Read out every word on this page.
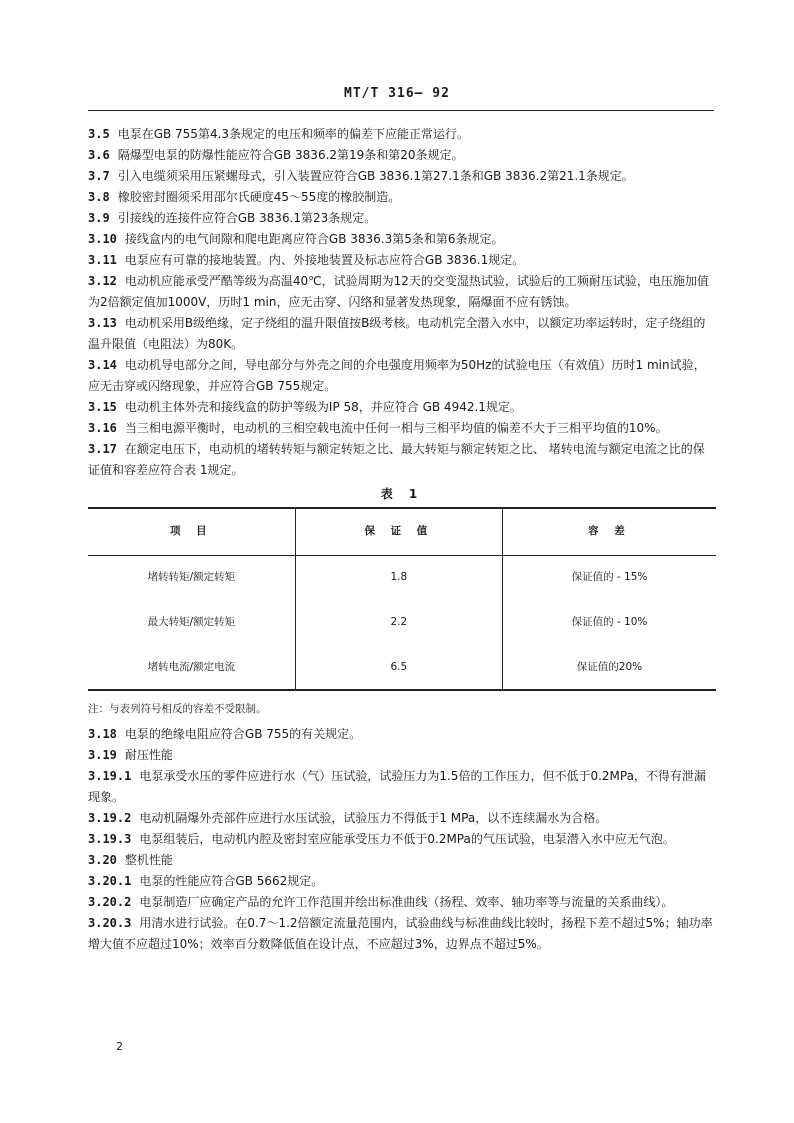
MT/T 316— 92

3.5 电泵在GB 755第4.3条规定的电压和频率的偏差下应能正常运行。

3.6 隔爆型电泵的防爆性能应符合GB 3836.2第19条和第20条规定。

3.7 引入电缆须采用压紧螺母式，引入装置应符合GB 3836.1第27.1条和GB 3836.2第21.1条规定。

3.8 橡胶密封圈须采用邵尔氏硬度45～55度的橡胶制造。

3.9 引接线的连接件应符合GB 3836.1第23条规定。

3.10 接线盒内的电气间隙和爬电距离应符合GB 3836.3第5条和第6条规定。

3.11 电泵应有可靠的接地装置。内、外接地装置及标志应符合GB 3836.1规定。

3.12 电动机应能承受严酷等级为高温40℃，试验周期为12天的交变湿热试验，试验后的工频耐压试验，电压施加值为2倍额定值加1000V，历时1 min，应无击穿、闪络和显著发热现象，隔爆面不应有锈蚀。

3.13 电动机采用B级绝缘，定子绕组的温升限值按B级考核。电动机完全潜入水中，以额定功率运转时，定子绕组的温升限值（电阻法）为80K。

3.14 电动机导电部分之间，导电部分与外壳之间的介电强度用频率为50Hz的试验电压（有效值）历时1 min试验，应无击穿或闪络现象，并应符合GB 755规定。

3.15 电动机主体外壳和接线盒的防护等级为IP 58，并应符合 GB 4942.1规定。

3.16 当三相电源平衡时，电动机的三相空载电流中任何一相与三相平均值的偏差不大于三相平均值的10%。

3.17 在额定电压下，电动机的堵转转矩与额定转矩之比、最大转矩与额定转矩之比、 堵转电流与额定电流之比的保证值和容差应符合表 1规定。

表 1
项 目	保 证 值	容 差
堵转转矩/额定转矩	1.8	保证值的 - 15%
最大转矩/额定转矩	2.2	保证值的 - 10%
堵转电流/额定电流	6.5	保证值的20%

注：与表列符号相反的容差不受限制。

3.18 电泵的绝缘电阻应符合GB 755的有关规定。

3.19 耐压性能

3.19.1 电泵承受水压的零件应进行水（气）压试验，试验压力为1.5倍的工作压力，但不低于0.2MPa，不得有泄漏现象。

3.19.2 电动机隔爆外壳部件应进行水压试验，试验压力不得低于1 MPa，以不连续漏水为合格。

3.19.3 电泵组装后，电动机内腔及密封室应能承受压力不低于0.2MPa的气压试验，电泵潜入水中应无气泡。

3.20 整机性能

3.20.1 电泵的性能应符合GB 5662规定。

3.20.2 电泵制造厂应确定产品的允许工作范围并绘出标准曲线（扬程、效率、轴功率等与流量的关系曲线）。

3.20.3 用清水进行试验。在0.7～1.2倍额定流量范围内，试验曲线与标准曲线比较时，扬程下差不超过5%；轴功率增大值不应超过10%；效率百分数降低值在设计点，不应超过3%，边界点不超过5%。

2
